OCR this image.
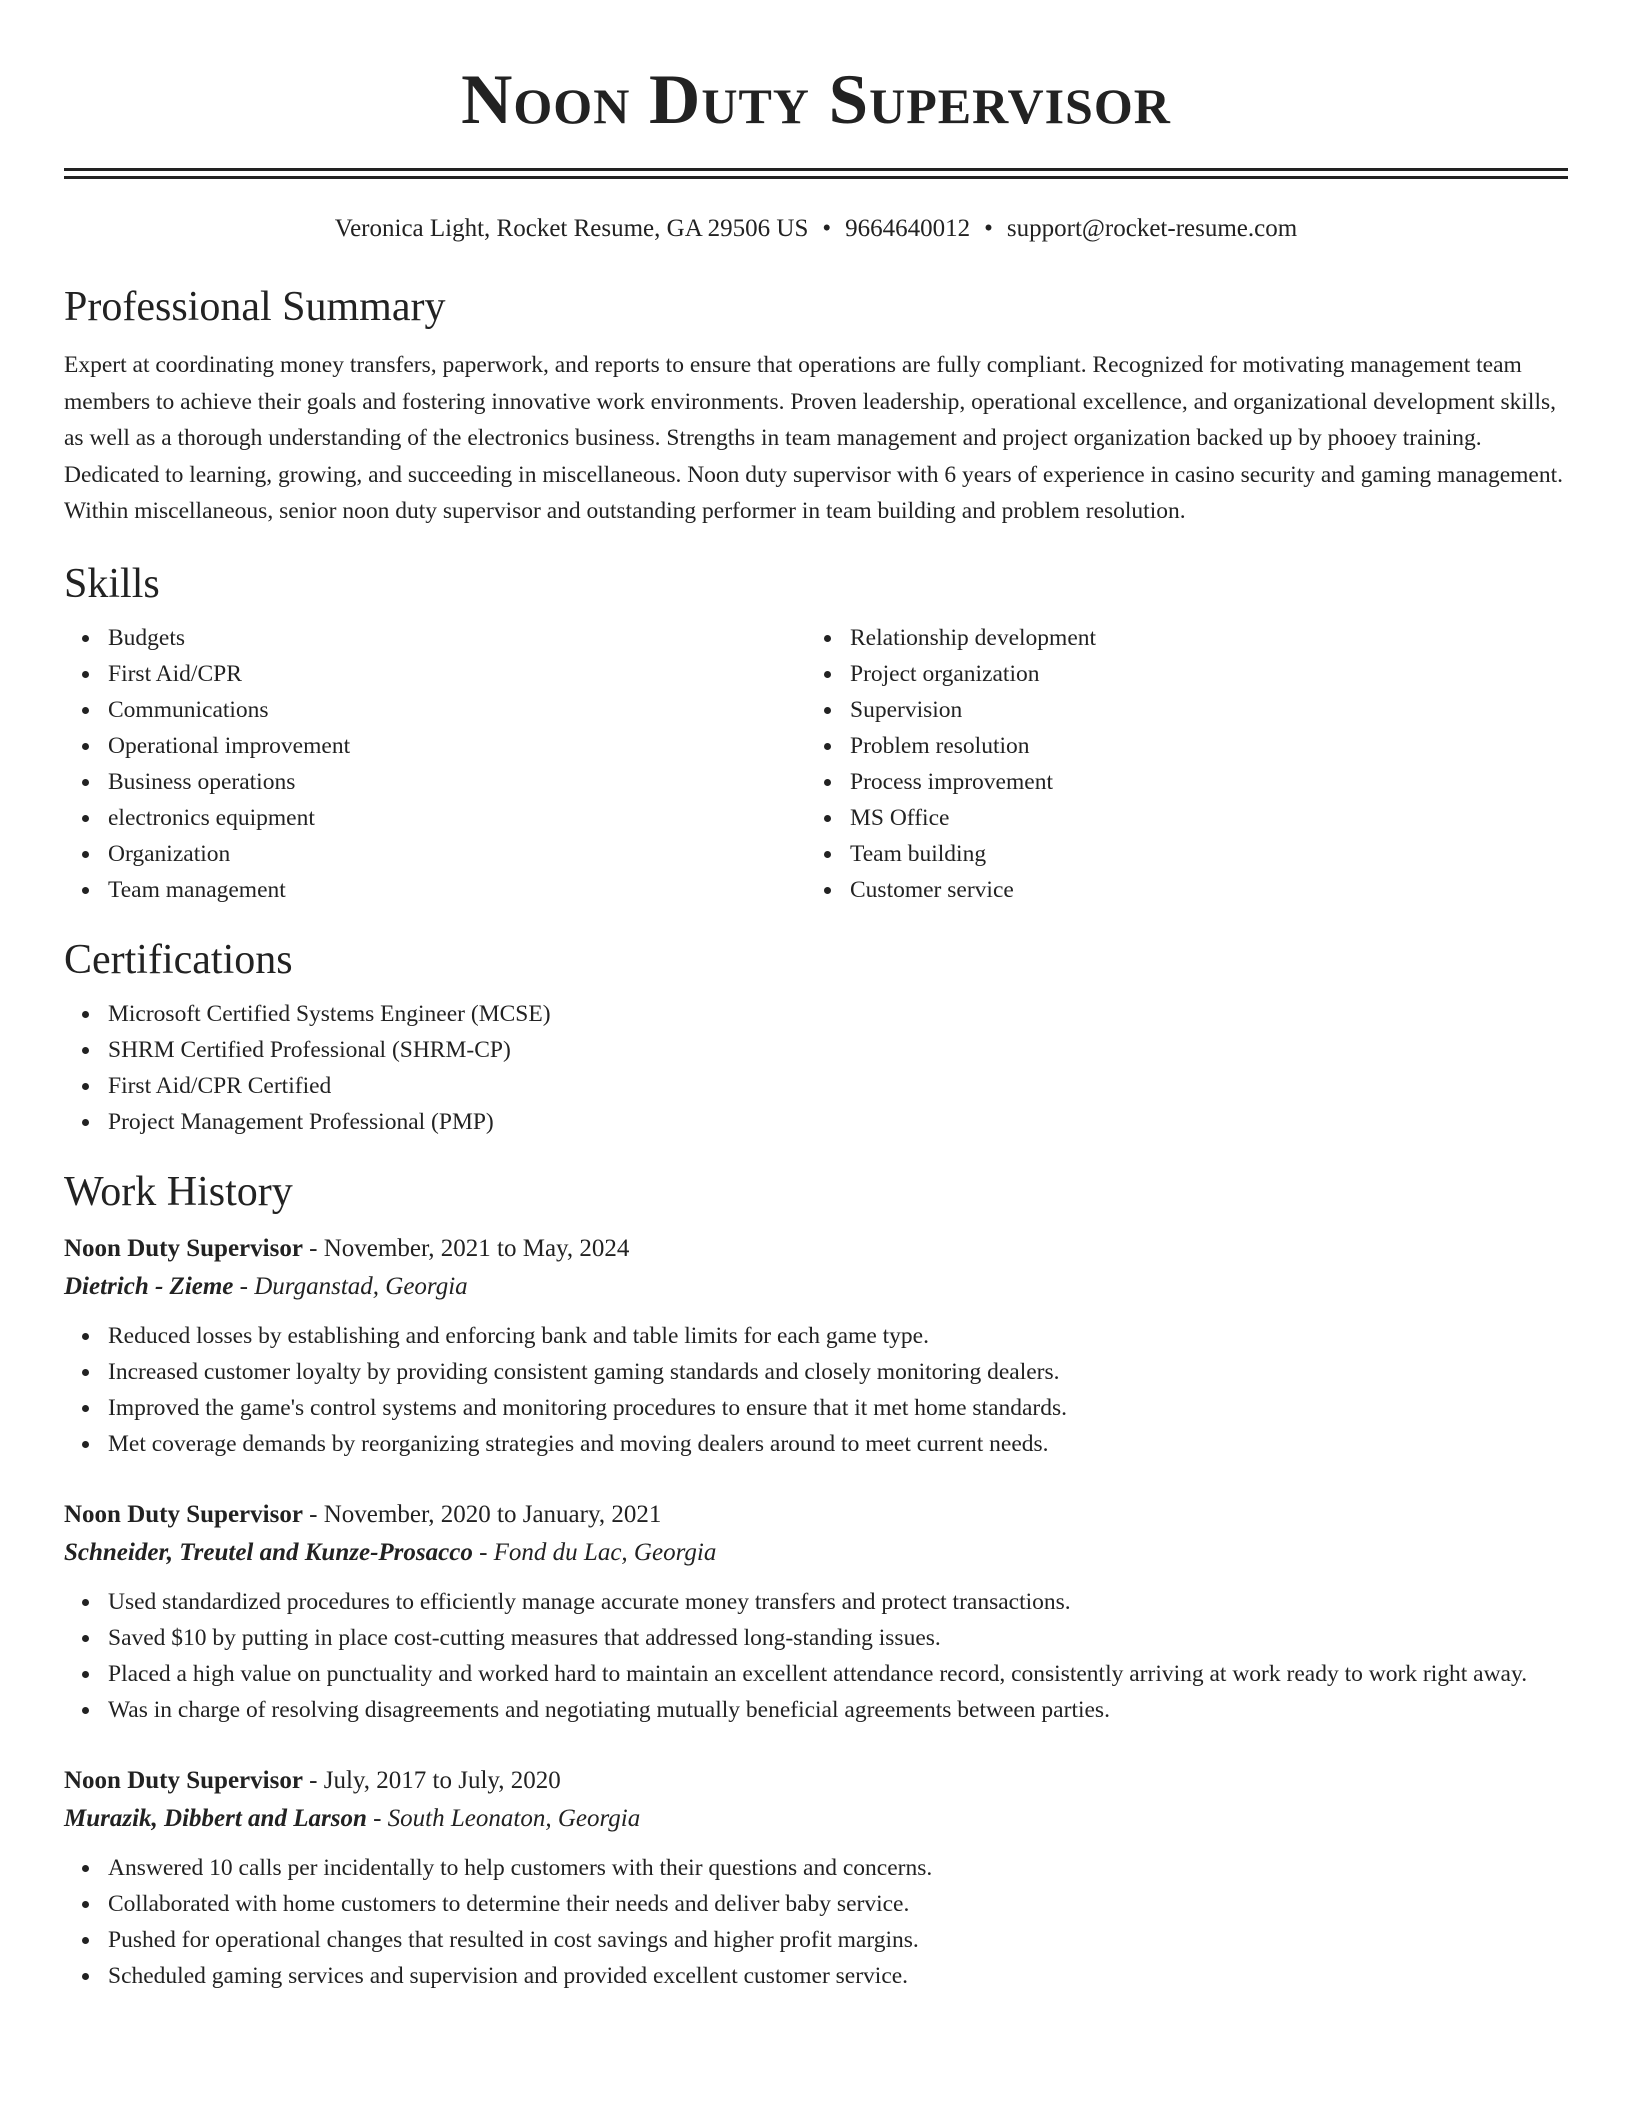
Noon Duty Supervisor
Veronica Light, Rocket Resume, GA 29506 US • 9664640012 • support@rocket-resume.com
Professional Summary

Expert at coordinating money transfers, paperwork, and reports to ensure that operations are fully compliant. Recognized for motivating management team members to achieve their goals and fostering innovative work environments. Proven leadership, operational excellence, and organizational development skills, as well as a thorough understanding of the electronics business. Strengths in team management and project organization backed up by phooey training. Dedicated to learning, growing, and succeeding in miscellaneous. Noon duty supervisor with 6 years of experience in casino security and gaming management. Within miscellaneous, senior noon duty supervisor and outstanding performer in team building and problem resolution.

Skills
Budgets
First Aid/CPR
Communications
Operational improvement
Business operations
electronics equipment
Organization
Team management
Relationship development
Project organization
Supervision
Problem resolution
Process improvement
MS Office
Team building
Customer service
Certifications
Microsoft Certified Systems Engineer (MCSE)
SHRM Certified Professional (SHRM-CP)
First Aid/CPR Certified
Project Management Professional (PMP)
Work History
Noon Duty Supervisor - November, 2021 to May, 2024
Dietrich - Zieme - Durganstad, Georgia
Reduced losses by establishing and enforcing bank and table limits for each game type.
Increased customer loyalty by providing consistent gaming standards and closely monitoring dealers.
Improved the game's control systems and monitoring procedures to ensure that it met home standards.
Met coverage demands by reorganizing strategies and moving dealers around to meet current needs.
Noon Duty Supervisor - November, 2020 to January, 2021
Schneider, Treutel and Kunze-Prosacco - Fond du Lac, Georgia
Used standardized procedures to efficiently manage accurate money transfers and protect transactions.
Saved $10 by putting in place cost-cutting measures that addressed long-standing issues.
Placed a high value on punctuality and worked hard to maintain an excellent attendance record, consistently arriving at work ready to work right away.
Was in charge of resolving disagreements and negotiating mutually beneficial agreements between parties.
Noon Duty Supervisor - July, 2017 to July, 2020
Murazik, Dibbert and Larson - South Leonaton, Georgia
Answered 10 calls per incidentally to help customers with their questions and concerns.
Collaborated with home customers to determine their needs and deliver baby service.
Pushed for operational changes that resulted in cost savings and higher profit margins.
Scheduled gaming services and supervision and provided excellent customer service.
